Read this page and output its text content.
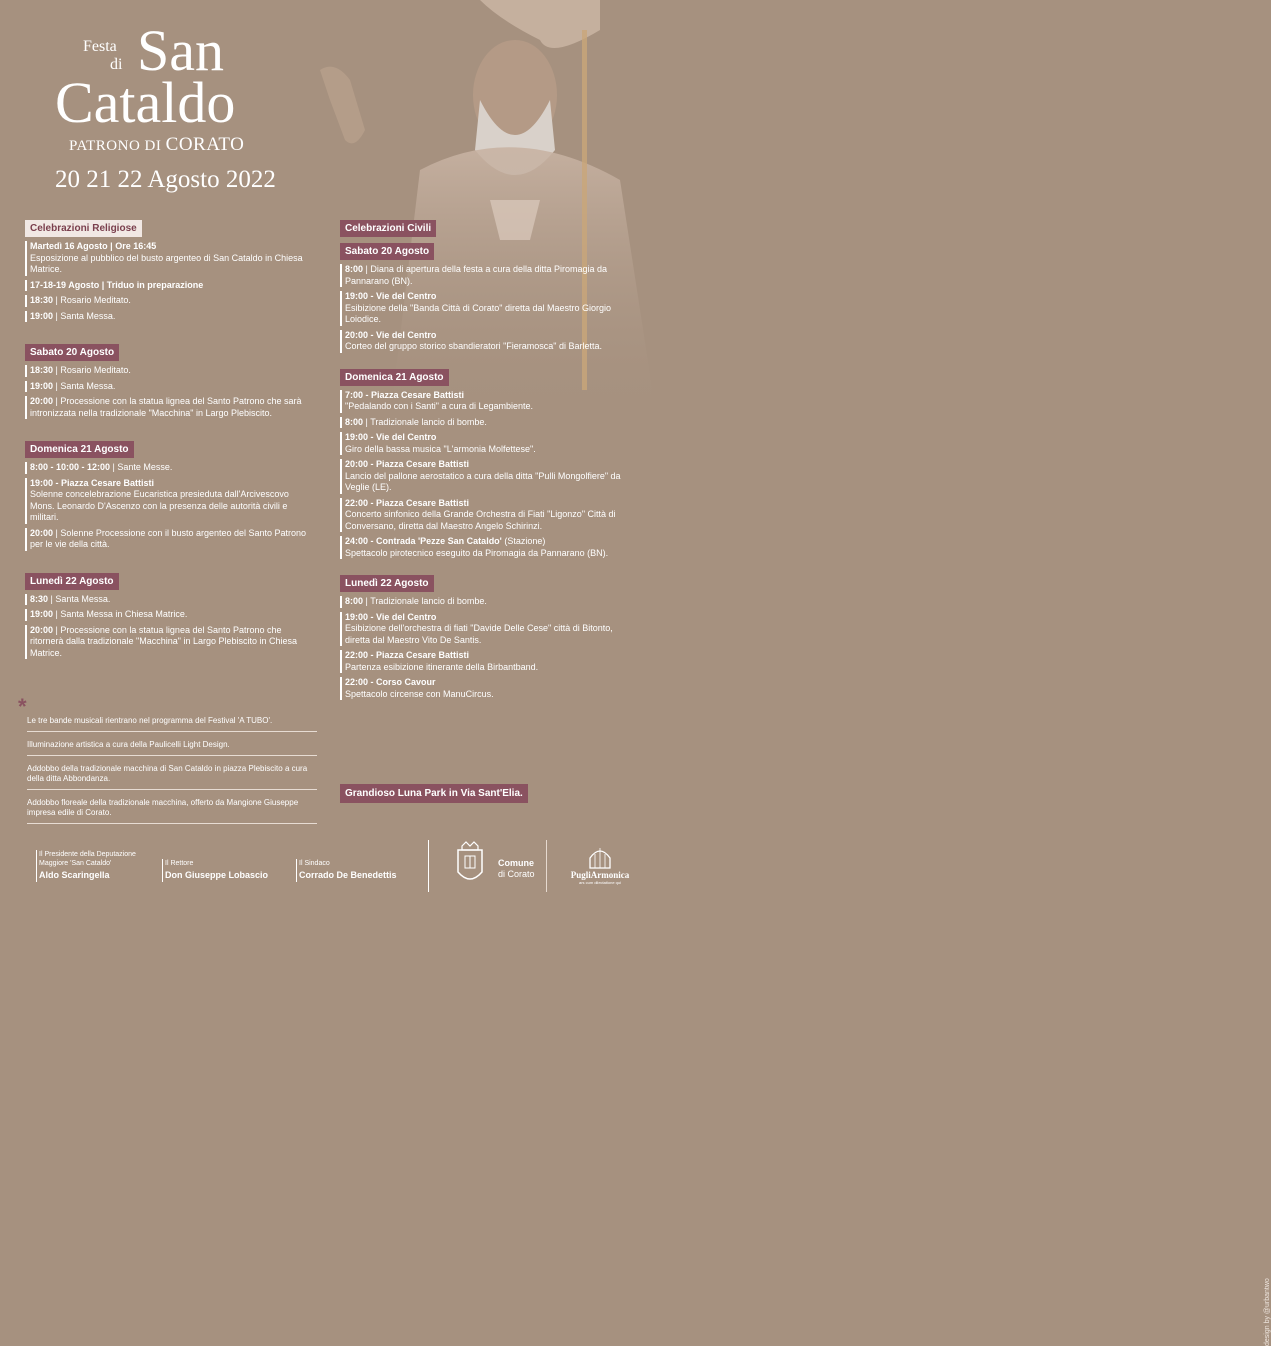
Festa
di San
Cataldo
PATRONO DI CORATO
20 21 22 Agosto 2022
Celebrazioni Religiose
Martedì 16 Agosto | Ore 16:45
Esposizione al pubblico del busto argenteo di San Cataldo in Chiesa Matrice.
17-18-19 Agosto | Triduo in preparazione
18:30 | Rosario Meditato.
19:00 | Santa Messa.
Sabato 20 Agosto
18:30 | Rosario Meditato.
19:00 | Santa Messa.
20:00 | Processione con la statua lignea del Santo Patrono che sarà intronizzata nella tradizionale "Macchina" in Largo Plebiscito.
Domenica 21 Agosto
8:00 - 10:00 - 12:00 | Sante Messe.
19:00 - Piazza Cesare Battisti
Solenne concelebrazione Eucaristica presieduta dall'Arcivescovo Mons. Leonardo D'Ascenzo con la presenza delle autorità civili e militari.
20:00 | Solenne Processione con il busto argenteo del Santo Patrono per le vie della città.
Lunedì 22 Agosto
8:30 | Santa Messa.
19:00 | Santa Messa in Chiesa Matrice.
20:00 | Processione con la statua lignea del Santo Patrono che ritornerà dalla tradizionale "Macchina" in Largo Plebiscito in Chiesa Matrice.
*
Le tre bande musicali rientrano nel programma del Festival 'A TUBO'.
Illuminazione artistica a cura della Paulicelli Light Design.
Addobbo della tradizionale macchina di San Cataldo in piazza Plebiscito a cura della ditta Abbondanza.
Addobbo floreale della tradizionale macchina, offerto da Mangione Giuseppe impresa edile di Corato.
Celebrazioni Civili
Sabato 20 Agosto
8:00 | Diana di apertura della festa a cura della ditta Piromagia da Pannarano (BN).
19:00 - Vie del Centro
Esibizione della "Banda Città di Corato" diretta dal Maestro Giorgio Loiodice.
20:00 - Vie del Centro
Corteo del gruppo storico sbandieratori "Fieramosca" di Barletta.
Domenica 21 Agosto
7:00 - Piazza Cesare Battisti
"Pedalando con i Santi" a cura di Legambiente.
8:00 | Tradizionale lancio di bombe.
19:00 - Vie del Centro
Giro della bassa musica "L'armonia Molfettese".
20:00 - Piazza Cesare Battisti
Lancio del pallone aerostatico a cura della ditta "Pulli Mongolfiere" da Veglie (LE).
22:00 - Piazza Cesare Battisti
Concerto sinfonico della Grande Orchestra di Fiati "Ligonzo" Città di Conversano, diretta dal Maestro Angelo Schirinzi.
24:00 - Contrada 'Pezze San Cataldo' (Stazione)
Spettacolo pirotecnico eseguito da Piromagia da Pannarano (BN).
Lunedì 22 Agosto
8:00 | Tradizionale lancio di bombe.
19:00 - Vie del Centro
Esibizione dell'orchestra di fiati "Davide Delle Cese" città di Bitonto, diretta dal Maestro Vito De Santis.
22:00 - Piazza Cesare Battisti
Partenza esibizione itinerante della Birbantband.
22:00 - Corso Cavour
Spettacolo circense con ManuCircus.
Grandioso Luna Park in Via Sant'Elia.
design by @urbantwo
Il Presidente della Deputazione
Maggiore 'San Cataldo'
Aldo Scaringella
Il Rettore
Don Giuseppe Lobascio
Il Sindaco
Corrado De Benedettis
Comune
di Corato	PugliArmonica
ars cum dilectatione qui
